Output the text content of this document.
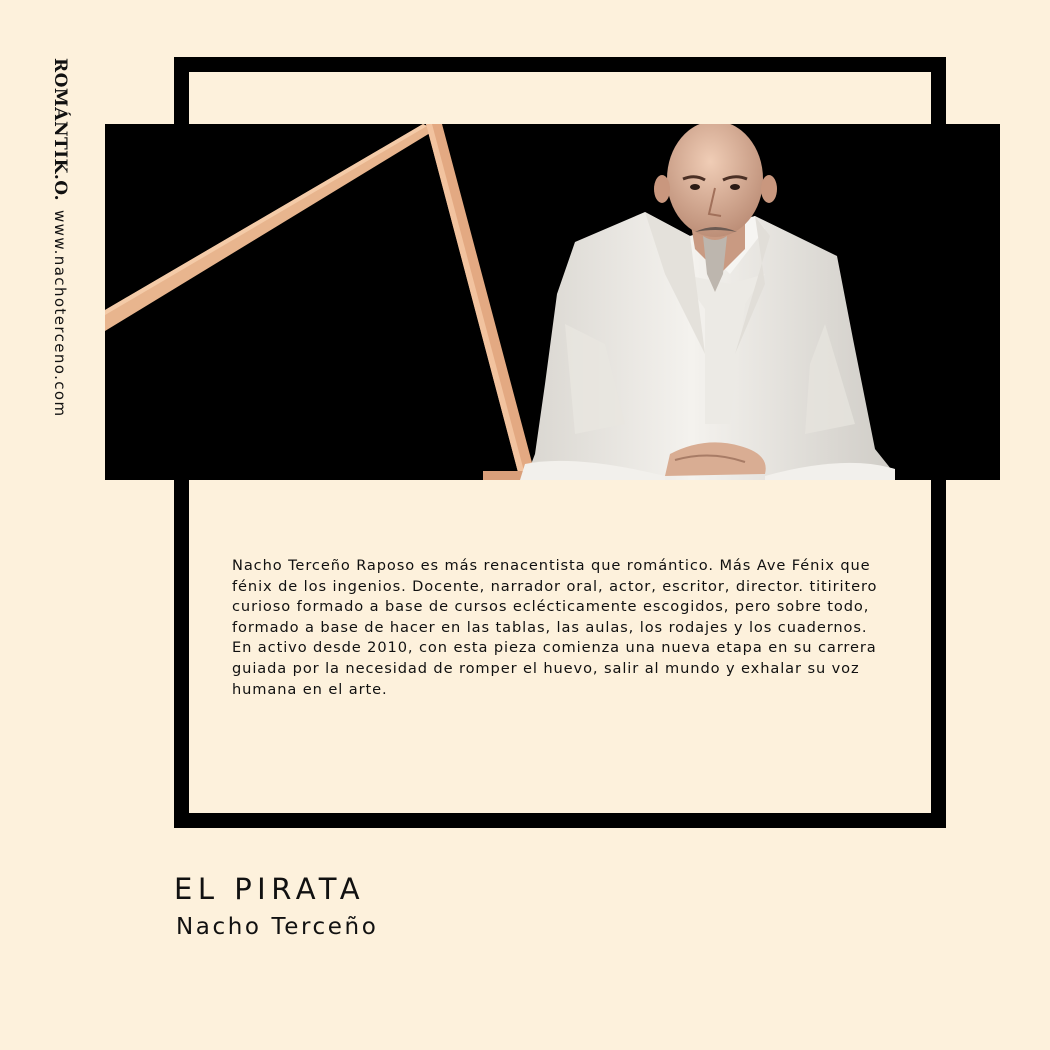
ROMÁNTIK.O.
www.nachoterceno.com

Nacho Terceño Raposo es más renacentista que romántico. Más Ave Fénix que fénix de los ingenios. Docente, narrador oral, actor, escritor, director. titiritero curioso formado a base de cursos eclécticamente escogidos, pero sobre todo, formado a base de hacer en las tablas, las aulas, los rodajes y los cuadernos.

En activo desde 2010, con esta pieza comienza una nueva etapa en su carrera guiada por la necesidad de romper el huevo, salir al mundo y exhalar su voz humana en el arte.

EL PIRATA
Nacho Terceño
